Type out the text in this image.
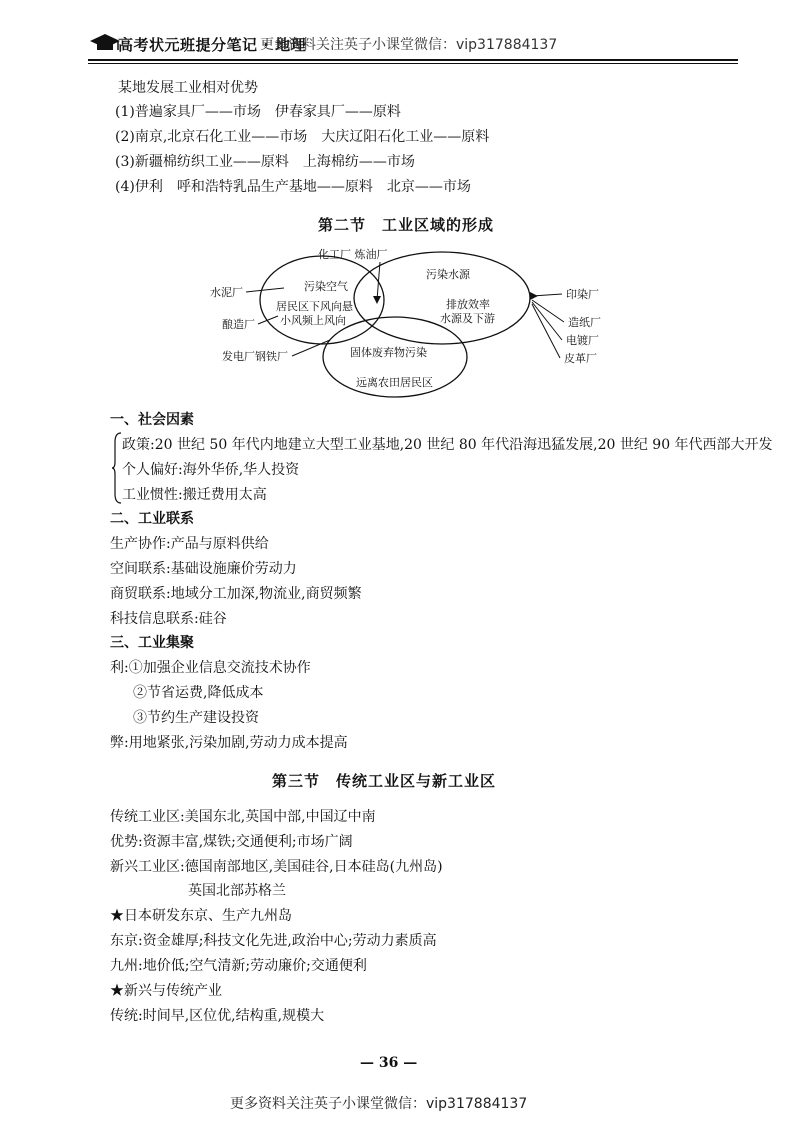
高考状元班提分笔记 · 地理
更多资料关注英子小课堂微信：vip317884137
某地发展工业相对优势
(1)普遍家具厂——市场　伊春家具厂——原料
(2)南京,北京石化工业——市场　大庆辽阳石化工业——原料
(3)新疆棉纺织工业——原料　上海棉纺——市场
(4)伊利　呼和浩特乳品生产基地——原料　北京——市场
第二节　工业区域的形成
化工厂 炼油厂
水泥厂
酿造厂
发电厂钢铁厂
污染空气
居民区下风向悬
小风频上风向
污染水源
排放效率
水源及下游
固体废弃物污染
远离农田居民区
印染厂
造纸厂
电镀厂
皮革厂
一、社会因素
政策:20 世纪 50 年代内地建立大型工业基地,20 世纪 80 年代沿海迅猛发展,20 世纪 90 年代西部大开发
个人偏好:海外华侨,华人投资
工业惯性:搬迁费用太高
二、工业联系
生产协作:产品与原料供给
空间联系:基础设施廉价劳动力
商贸联系:地域分工加深,物流业,商贸频繁
科技信息联系:硅谷
三、工业集聚
利:①加强企业信息交流技术协作
②节省运费,降低成本
③节约生产建设投资
弊:用地紧张,污染加剧,劳动力成本提高
第三节　传统工业区与新工业区
传统工业区:美国东北,英国中部,中国辽中南
优势:资源丰富,煤铁;交通便利;市场广阔
新兴工业区:德国南部地区,美国硅谷,日本硅岛(九州岛)
英国北部苏格兰
★日本研发东京、生产九州岛
东京:资金雄厚;科技文化先进,政治中心;劳动力素质高
九州:地价低;空气清新;劳动廉价;交通便利
★新兴与传统产业
传统:时间早,区位优,结构重,规模大
— 36 —
更多资料关注英子小课堂微信：vip317884137
